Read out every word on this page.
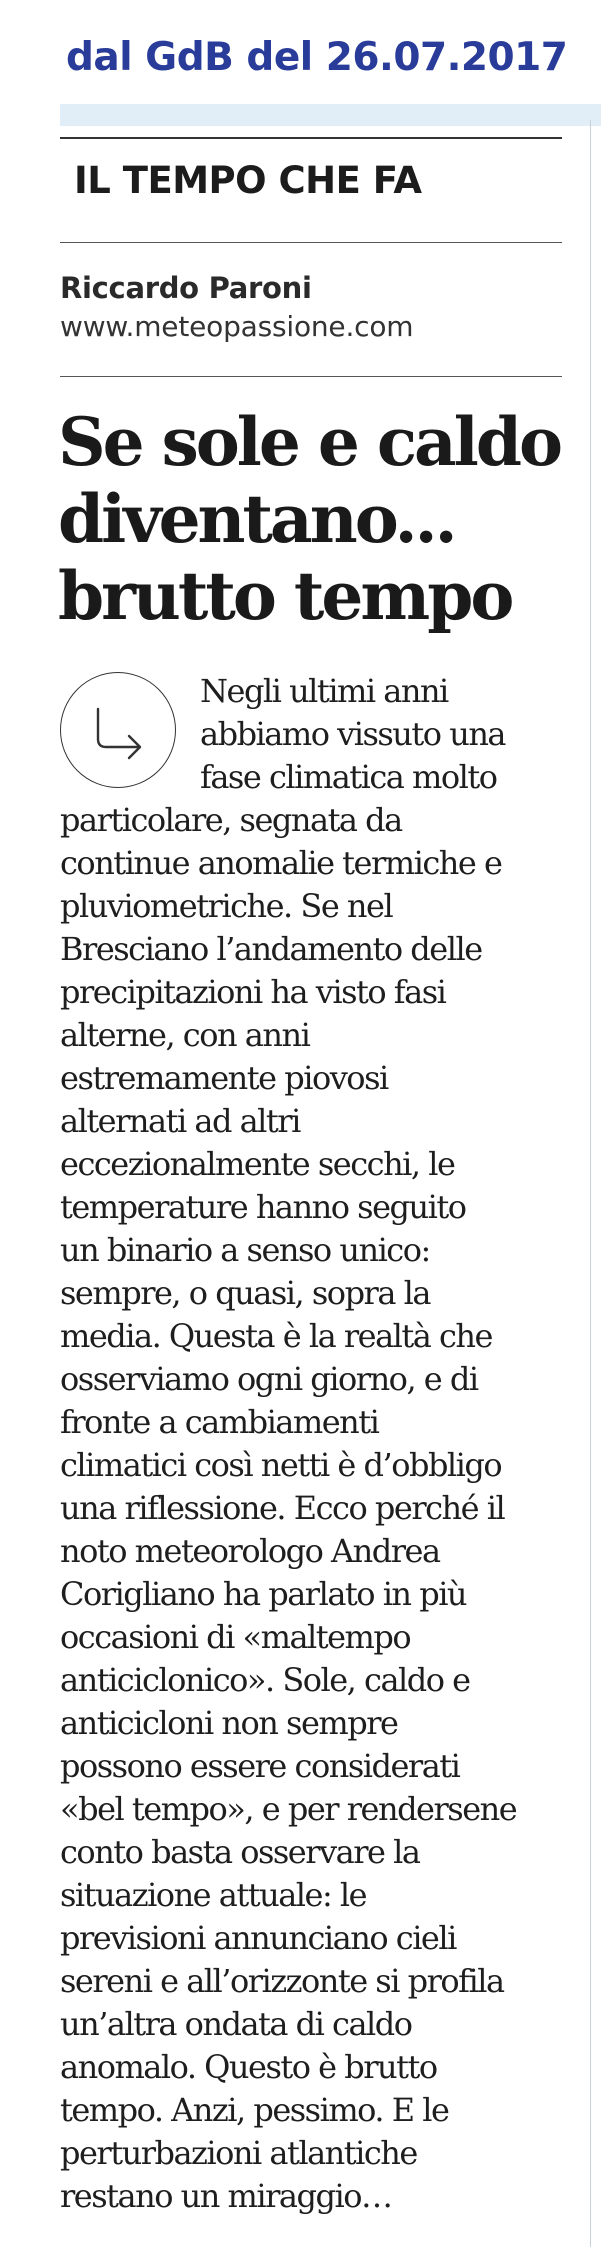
dal GdB del 26.07.2017
IL TEMPO CHE FA

Riccardo Paroni

www.meteopassione.com

Se sole e caldo
diventano...
brutto tempo
Negli ultimi anni
abbiamo vissuto una
fase climatica molto
particolare, segnata da
continue anomalie termiche e
pluviometriche. Se nel
Bresciano l’andamento delle
precipitazioni ha visto fasi
alterne, con anni
estremamente piovosi
alternati ad altri
eccezionalmente secchi, le
temperature hanno seguito
un binario a senso unico:
sempre, o quasi, sopra la
media. Questa è la realtà che
osserviamo ogni giorno, e di
fronte a cambiamenti
climatici così netti è d’obbligo
una riflessione. Ecco perché il
noto meteorologo Andrea
Corigliano ha parlato in più
occasioni di «maltempo
anticiclonico». Sole, caldo e
anticicloni non sempre
possono essere considerati
«bel tempo», e per rendersene
conto basta osservare la
situazione attuale: le
previsioni annunciano cieli
sereni e all’orizzonte si profila
un’altra ondata di caldo
anomalo. Questo è brutto
tempo. Anzi, pessimo. E le
perturbazioni atlantiche
restano un miraggio…
